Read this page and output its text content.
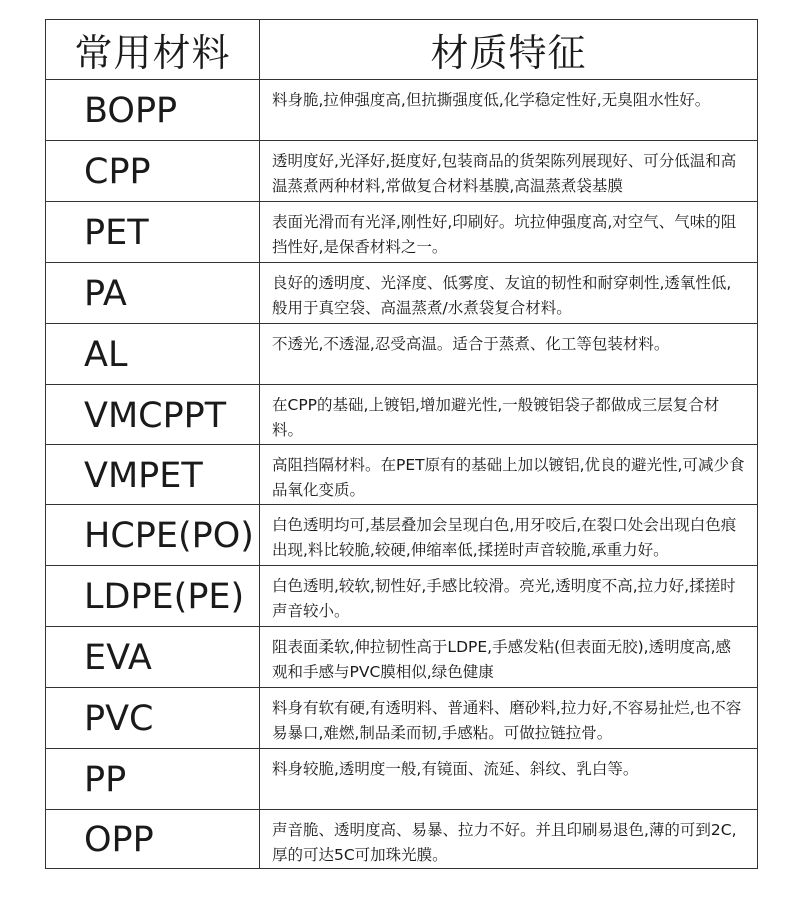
常用材料	材质特征
BOPP	料身脆,拉伸强度高,但抗撕强度低,化学稳定性好,无臭阻水性好。
CPP	透明度好,光泽好,挺度好,包装商品的货架陈列展现好、可分低温和高温蒸煮两种材料,常做复合材料基膜,高温蒸煮袋基膜
PET	表面光滑而有光泽,刚性好,印刷好。坑拉伸强度高,对空气、气味的阻挡性好,是保香材料之一。
PA	良好的透明度、光泽度、低雾度、友谊的韧性和耐穿刺性,透氧性低,般用于真空袋、高温蒸煮/水煮袋复合材料。
AL	不透光,不透湿,忍受高温。适合于蒸煮、化工等包装材料。
VMCPPT	在CPP的基础,上镀铝,增加避光性,一般镀铝袋子都做成三层复合材料。
VMPET	高阻挡隔材料。在PET原有的基础上加以镀铝,优良的避光性,可减少食品氧化变质。
HCPE(PO)	白色透明均可,基层叠加会呈现白色,用牙咬后,在裂口处会出现白色痕出现,料比较脆,较硬,伸缩率低,揉搓时声音较脆,承重力好。
LDPE(PE)	白色透明,较软,韧性好,手感比较滑。亮光,透明度不高,拉力好,揉搓时声音较小。
EVA	阻表面柔软,伸拉韧性高于LDPE,手感发粘(但表面无胶),透明度高,感观和手感与PVC膜相似,绿色健康
PVC	料身有软有硬,有透明料、普通料、磨砂料,拉力好,不容易扯烂,也不容易暴口,难燃,制品柔而韧,手感粘。可做拉链拉骨。
PP	料身较脆,透明度一般,有镜面、流延、斜纹、乳白等。
OPP	声音脆、透明度高、易暴、拉力不好。并且印刷易退色,薄的可到2C,厚的可达5C可加珠光膜。
